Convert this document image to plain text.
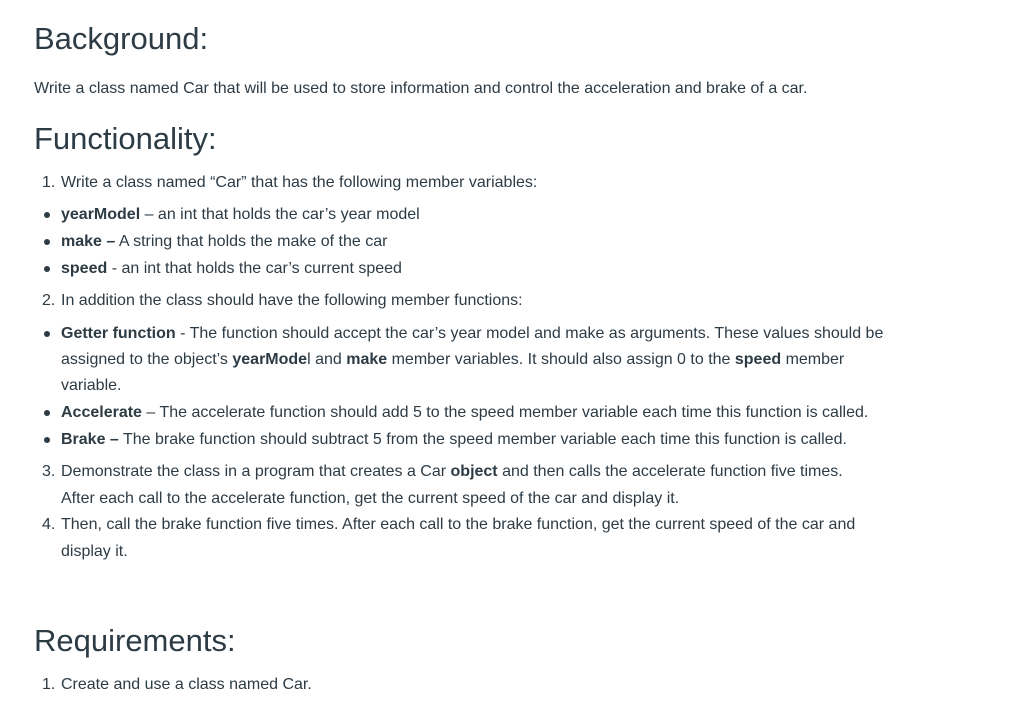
Background:

Write a class named Car that will be used to store information and control the acceleration and brake of a car.

Functionality:
1. Write a class named “Car” that has the following member variables:
yearModel – an int that holds the car’s year model
make – A string that holds the make of the car
speed - an int that holds the car’s current speed
2. In addition the class should have the following member functions:
Getter function - The function should accept the car’s year model and make as arguments. These values should be
assigned to the object’s yearModel and make member variables. It should also assign 0 to the speed member
variable.
Accelerate – The accelerate function should add 5 to the speed member variable each time this function is called.
Brake – The brake function should subtract 5 from the speed member variable each time this function is called.
3. Demonstrate the class in a program that creates a Car object and then calls the accelerate function five times.
After each call to the accelerate function, get the current speed of the car and display it.
4. Then, call the brake function five times. After each call to the brake function, get the current speed of the car and
display it.
Requirements:
1. Create and use a class named Car.
